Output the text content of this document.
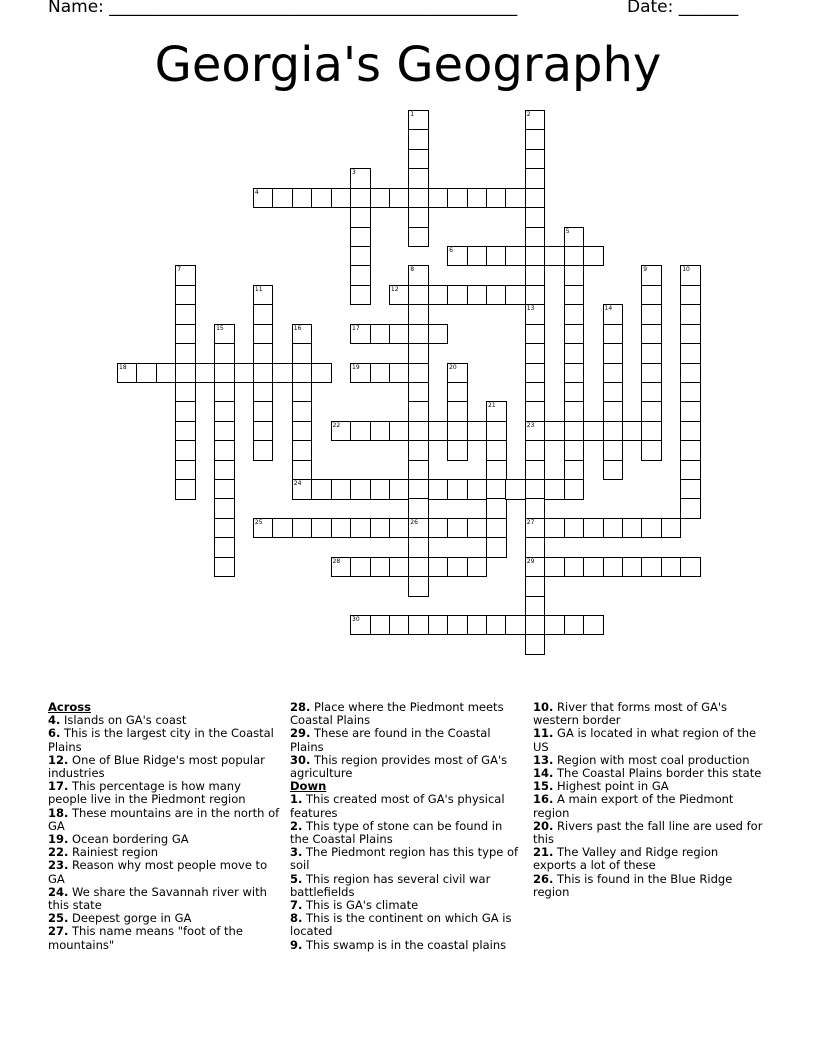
Name: ________________________________________________	Date: _______
Georgia's Geography
1	2
3
4
5
6
7	8
26
9	10
11	12
13
23
27
29
14
15	16	17
18	19	20
21
22
24
25
28
30
Across
4. Islands on GA's coast
6. This is the largest city in the Coastal Plains
12. One of Blue Ridge's most popular industries
17. This percentage is how many people live in the Piedmont region
18. These mountains are in the north of GA
19. Ocean bordering GA
22. Rainiest region
23. Reason why most people move to GA
24. We share the Savannah river with this state
25. Deepest gorge in GA
27. This name means "foot of the mountains"
28. Place where the Piedmont meets Coastal Plains
29. These are found in the Coastal Plains
30. This region provides most of GA's agriculture
Down
1. This created most of GA's physical features
2. This type of stone can be found in the Coastal Plains
3. The Piedmont region has this type of soil
5. This region has several civil war battlefields
7. This is GA's climate
8. This is the continent on which GA is located
9. This swamp is in the coastal plains
10. River that forms most of GA's western border
11. GA is located in what region of the US
13. Region with most coal production
14. The Coastal Plains border this state
15. Highest point in GA
16. A main export of the Piedmont region
20. Rivers past the fall line are used for this
21. The Valley and Ridge region exports a lot of these
26. This is found in the Blue Ridge region
